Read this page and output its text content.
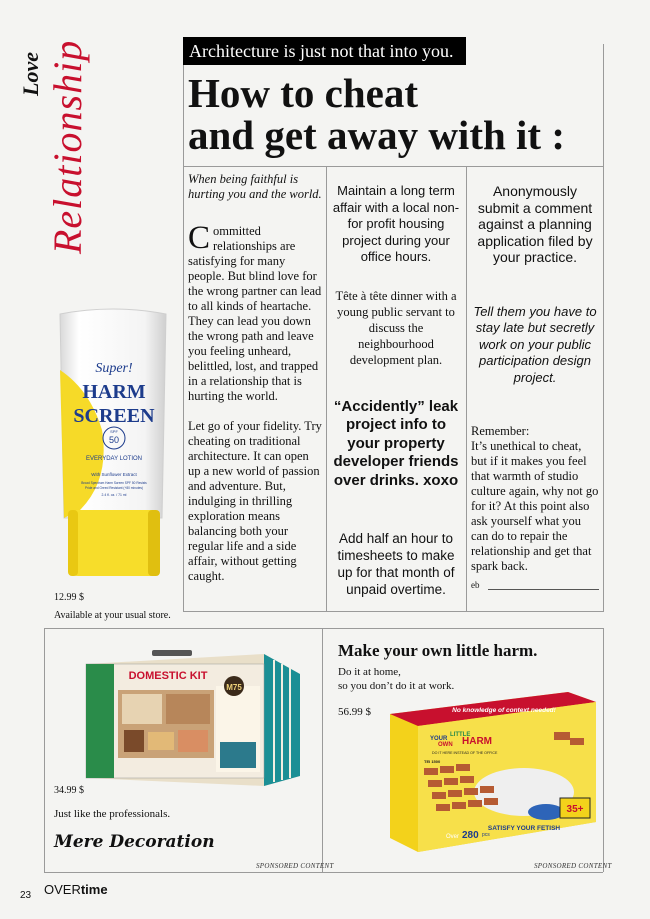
Love Relationship	Architecture is just not that into you.
How to cheat
and get away with it :
When being faithful is hurting you and the world.

Committed relationships are satisfying for many people. But blind love for the wrong partner can lead to all kinds of heartache. They can lead you down the wrong path and leave you feeling unheard, belittled, lost, and trapped in a relationship that is hurting the world.

Let go of your fidelity. Try cheating on traditional architecture. It can open up a new world of passion and adventure. But, indulging in thrilling exploration means balancing both your regular life and a side affair, without getting caught.

Maintain a long term affair with a local non-for profit housing project during your office hours.
Tête à tête dinner with a young public servant to discuss the neighbourhood development plan.
“Accidently” leak project info to your property developer friends over drinks. xoxo
Add half an hour to timesheets to make up for that month of unpaid overtime.
Anonymously submit a comment against a planning application filed by your practice.
Tell them you have to stay late but secretly work on your public participation design project.
Remember:
It’s unethical to cheat, but if it makes you feel that warmth of studio culture again, why not go for it? At this point also ask yourself what you can do to repair the relationship and get that spark back.
eb
Super!
HARM
SCREEN
SPF
50
EVERYDAY LOTION
With Sunflower Extract
Broad Spectrum Harm Screen SPF 50 Resists
Pride and Greed Resistant (+80 minutes)
2.4 fl. oz. / 71 ml
12.99 $
Available at your usual store.
DOMESTIC KIT
M75
34.99 $
Just like the professionals.
Mere Decoration
SPONSORED CONTENT
Make your own little harm.
Do it at home,
so you don’t do it at work.
56.99 $
35+
No knowledge of context needed!
YOUR
LITTLE
OWN HARM
DO IT HERE INSTEAD OF THE OFFICE
TEI 1500
Over 280 pcs
SATISFY YOUR FETISH
SPONSORED CONTENT
23 OVERtime
